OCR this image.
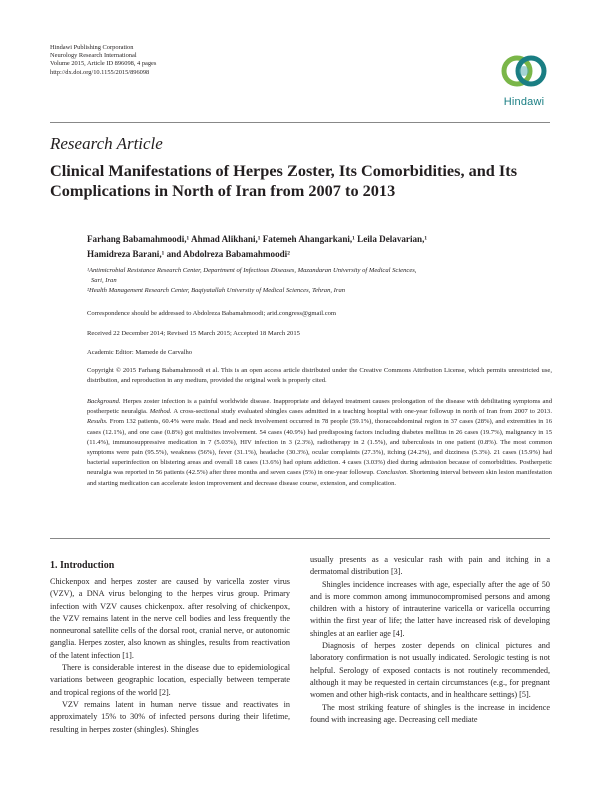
Hindawi Publishing Corporation
Neurology Research International
Volume 2015, Article ID 896098, 4 pages
http://dx.doi.org/10.1155/2015/896098
Hindawi
Research Article
Clinical Manifestations of Herpes Zoster, Its Comorbidities, and Its Complications in North of Iran from 2007 to 2013
Farhang Babamahmoodi,¹ Ahmad Alikhani,¹ Fatemeh Ahangarkani,¹ Leila Delavarian,¹
Hamidreza Barani,¹ and Abdolreza Babamahmoodi²
¹Antimicrobial Resistance Research Center, Department of Infectious Diseases, Mazandaran University of Medical Sciences,
Sari, Iran
²Health Management Research Center, Baqiyatallah University of Medical Sciences, Tehran, Iran
Correspondence should be addressed to Abdolreza Babamahmoodi; arid.congress@gmail.com
Received 22 December 2014; Revised 15 March 2015; Accepted 18 March 2015
Academic Editor: Mamede de Carvalho
Copyright © 2015 Farhang Babamahmoodi et al. This is an open access article distributed under the Creative Commons Attribution License, which permits unrestricted use, distribution, and reproduction in any medium, provided the original work is properly cited.
Background. Herpes zoster infection is a painful worldwide disease. Inappropriate and delayed treatment causes prolongation of the disease with debilitating symptoms and postherpetic neuralgia. Method. A cross-sectional study evaluated shingles cases admitted in a teaching hospital with one-year followup in north of Iran from 2007 to 2013. Results. From 132 patients, 60.4% were male. Head and neck involvement occurred in 78 people (59.1%), thoracoabdominal region in 37 cases (28%), and extremities in 16 cases (12.1%), and one case (0.8%) got multisites involvement. 54 cases (40.9%) had predisposing factors including diabetes mellitus in 26 cases (19.7%), malignancy in 15 (11.4%), immunosuppressive medication in 7 (5.03%), HIV infection in 3 (2.3%), radiotherapy in 2 (1.5%), and tuberculosis in one patient (0.8%). The most common symptoms were pain (95.5%), weakness (56%), fever (31.1%), headache (30.3%), ocular complaints (27.3%), itching (24.2%), and dizziness (5.3%). 21 cases (15.9%) had bacterial superinfection on blistering areas and overall 18 cases (13.6%) had opium addiction. 4 cases (3.03%) died during admission because of comorbidities. Postherpetic neuralgia was reported in 56 patients (42.5%) after three months and seven cases (5%) in one-year followup. Conclusion. Shortening interval between skin lesion manifestation and starting medication can accelerate lesion improvement and decrease disease course, extension, and complication.
1. Introduction

Chickenpox and herpes zoster are caused by varicella zoster virus (VZV), a DNA virus belonging to the herpes virus group. Primary infection with VZV causes chickenpox. after resolving of chickenpox, the VZV remains latent in the nerve cell bodies and less frequently the nonneuronal satellite cells of the dorsal root, cranial nerve, or autonomic ganglia. Herpes zoster, also known as shingles, results from reactivation of the latent infection [1].

There is considerable interest in the disease due to epidemiological variations between geographic location, especially between temperate and tropical regions of the world [2].

VZV remains latent in human nerve tissue and reactivates in approximately 15% to 30% of infected persons during their lifetime, resulting in herpes zoster (shingles). Shingles

usually presents as a vesicular rash with pain and itching in a dermatomal distribution [3].

Shingles incidence increases with age, especially after the age of 50 and is more common among immunocompromised persons and among children with a history of intrauterine varicella or varicella occurring within the first year of life; the latter have increased risk of developing shingles at an earlier age [4].

Diagnosis of herpes zoster depends on clinical pictures and laboratory confirmation is not usually indicated. Serologic testing is not helpful. Serology of exposed contacts is not routinely recommended, although it may be requested in certain circumstances (e.g., for pregnant women and other high-risk contacts, and in healthcare settings) [5].

The most striking feature of shingles is the increase in incidence found with increasing age. Decreasing cell mediate
